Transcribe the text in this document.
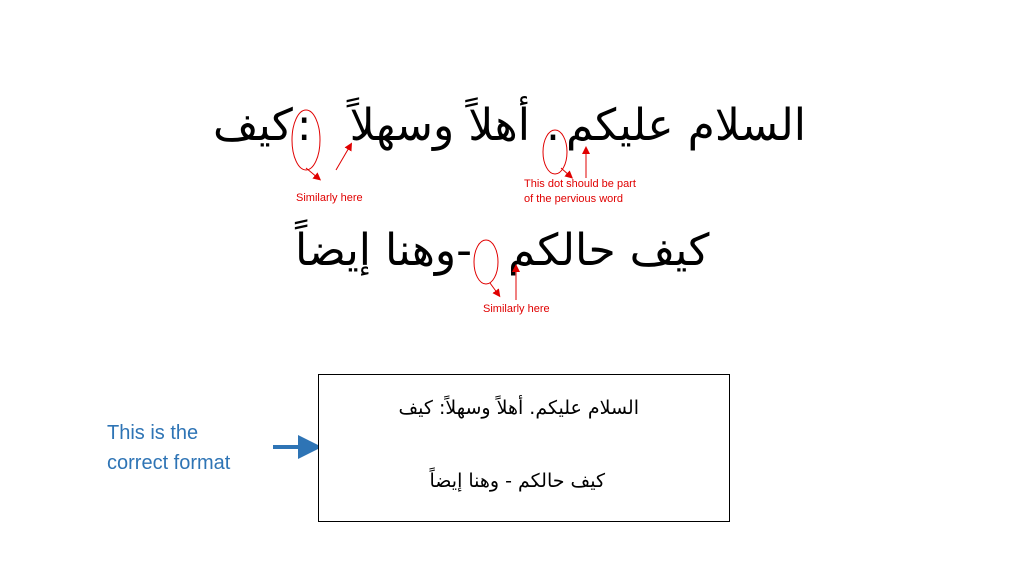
كيف: أهلاً وسهلاً . السلام عليكم
وهنا إيضاً- كيف حالكم
Similarly here
This dot should be part
of the pervious word
Similarly here
This is the
correct format
السلام عليكم. أهلاً وسهلاً: كيف
كيف حالكم - وهنا إيضاً
